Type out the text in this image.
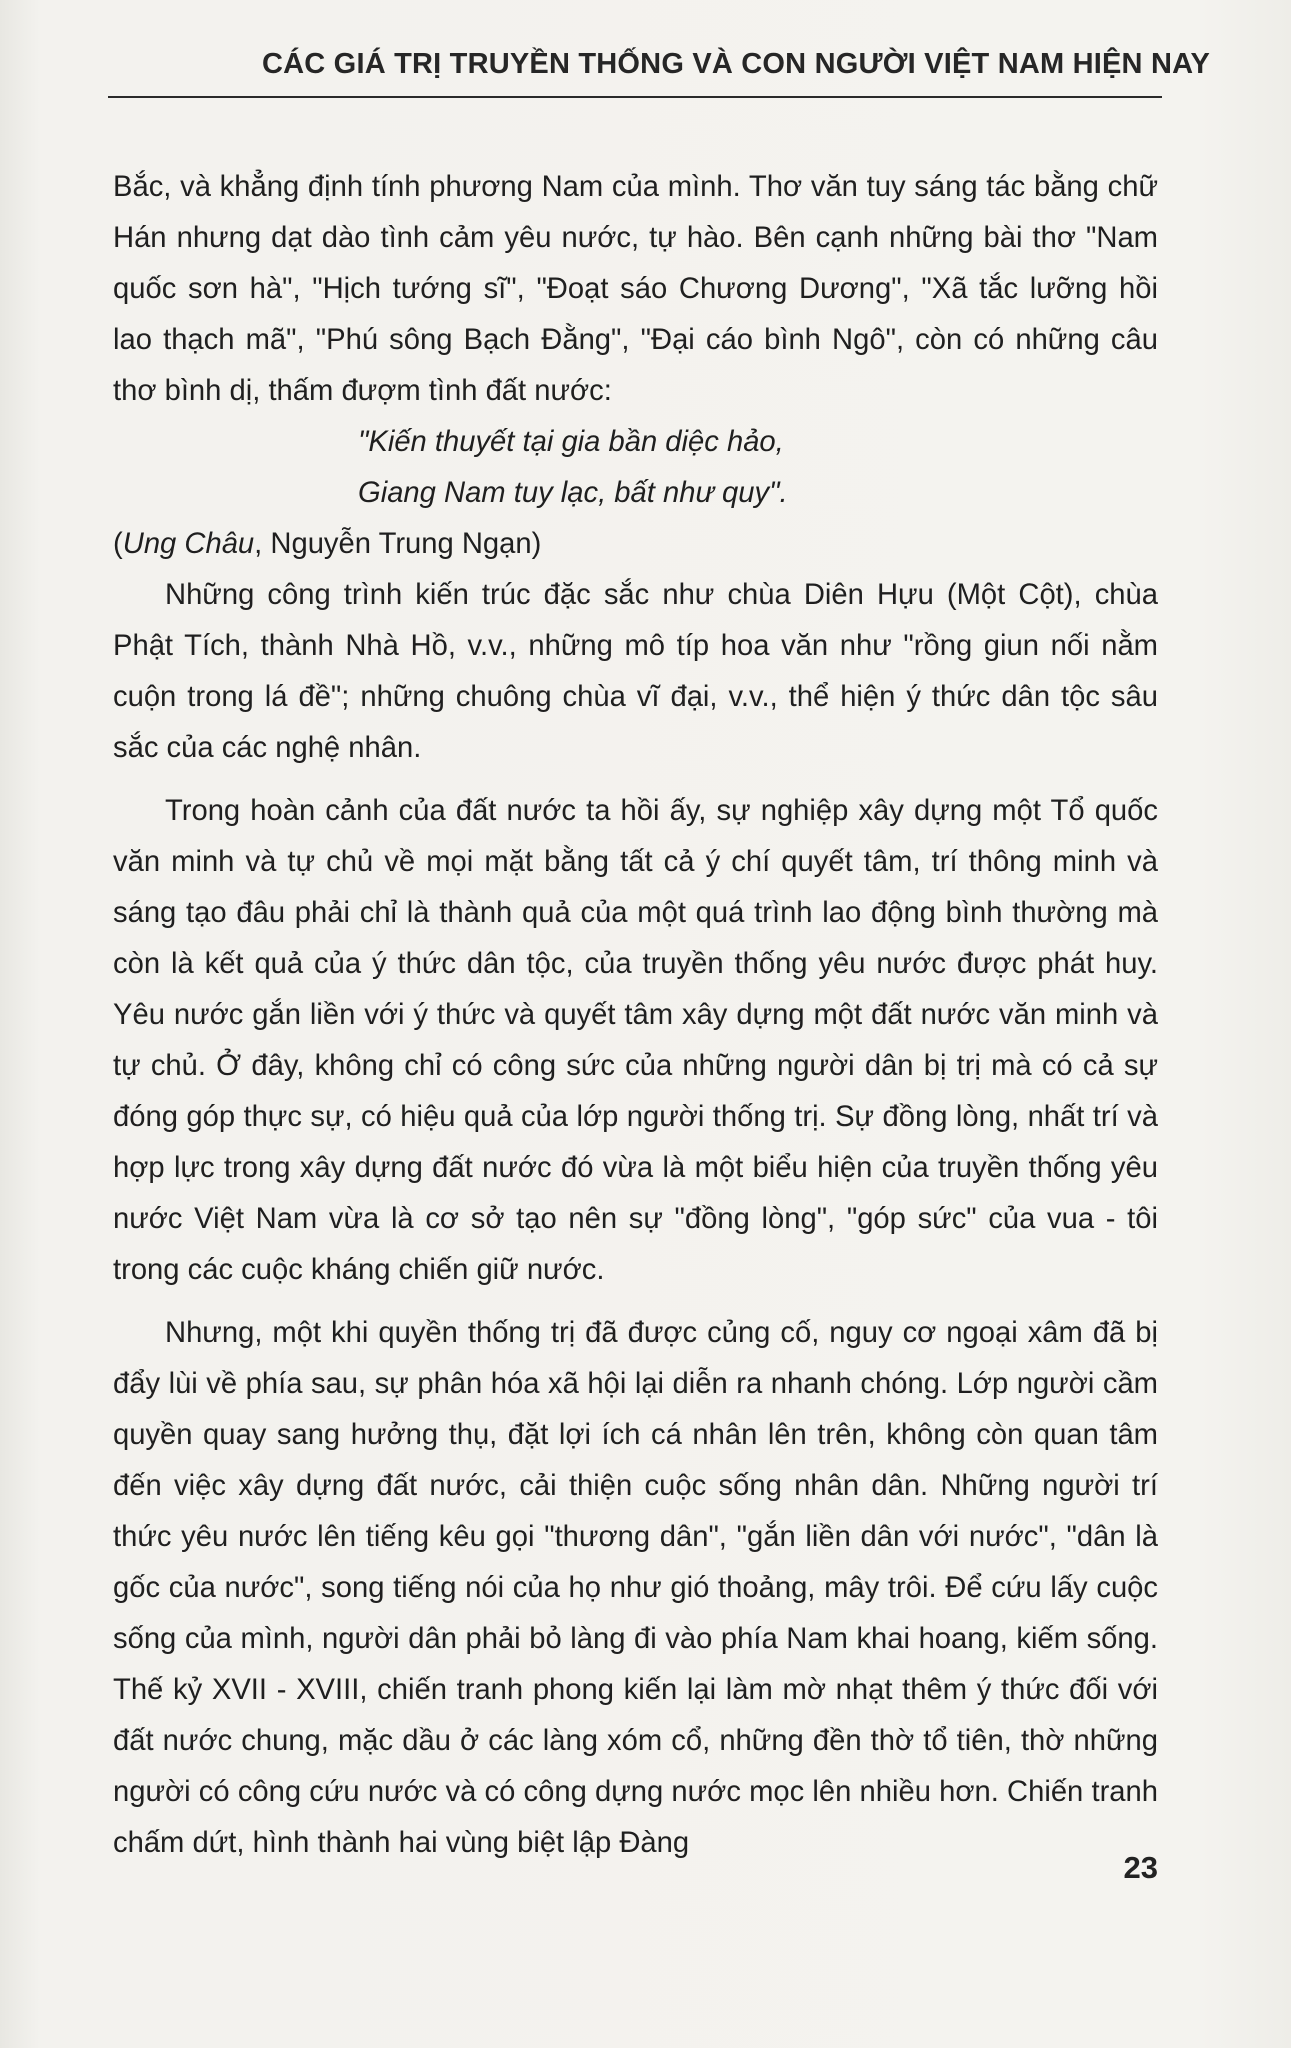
CÁC GIÁ TRỊ TRUYỀN THỐNG VÀ CON NGƯỜI VIỆT NAM HIỆN NAY

Bắc, và khẳng định tính phương Nam của mình. Thơ văn tuy sáng tác bằng chữ Hán nhưng dạt dào tình cảm yêu nước, tự hào. Bên cạnh những bài thơ "Nam quốc sơn hà", "Hịch tướng sĩ", "Đoạt sáo Chương Dương", "Xã tắc lưỡng hồi lao thạch mã", "Phú sông Bạch Đằng", "Đại cáo bình Ngô", còn có những câu thơ bình dị, thấm đượm tình đất nước:

"Kiến thuyết tại gia bần diệc hảo,
Giang Nam tuy lạc, bất như quy".

(Ung Châu, Nguyễn Trung Ngạn)

Những công trình kiến trúc đặc sắc như chùa Diên Hựu (Một Cột), chùa Phật Tích, thành Nhà Hồ, v.v., những mô típ hoa văn như "rồng giun nối nằm cuộn trong lá đề"; những chuông chùa vĩ đại, v.v., thể hiện ý thức dân tộc sâu sắc của các nghệ nhân.

Trong hoàn cảnh của đất nước ta hồi ấy, sự nghiệp xây dựng một Tổ quốc văn minh và tự chủ về mọi mặt bằng tất cả ý chí quyết tâm, trí thông minh và sáng tạo đâu phải chỉ là thành quả của một quá trình lao động bình thường mà còn là kết quả của ý thức dân tộc, của truyền thống yêu nước được phát huy. Yêu nước gắn liền với ý thức và quyết tâm xây dựng một đất nước văn minh và tự chủ. Ở đây, không chỉ có công sức của những người dân bị trị mà có cả sự đóng góp thực sự, có hiệu quả của lớp người thống trị. Sự đồng lòng, nhất trí và hợp lực trong xây dựng đất nước đó vừa là một biểu hiện của truyền thống yêu nước Việt Nam vừa là cơ sở tạo nên sự "đồng lòng", "góp sức" của vua - tôi trong các cuộc kháng chiến giữ nước.

Nhưng, một khi quyền thống trị đã được củng cố, nguy cơ ngoại xâm đã bị đẩy lùi về phía sau, sự phân hóa xã hội lại diễn ra nhanh chóng. Lớp người cầm quyền quay sang hưởng thụ, đặt lợi ích cá nhân lên trên, không còn quan tâm đến việc xây dựng đất nước, cải thiện cuộc sống nhân dân. Những người trí thức yêu nước lên tiếng kêu gọi "thương dân", "gắn liền dân với nước", "dân là gốc của nước", song tiếng nói của họ như gió thoảng, mây trôi. Để cứu lấy cuộc sống của mình, người dân phải bỏ làng đi vào phía Nam khai hoang, kiếm sống. Thế kỷ XVII - XVIII, chiến tranh phong kiến lại làm mờ nhạt thêm ý thức đối với đất nước chung, mặc dầu ở các làng xóm cổ, những đền thờ tổ tiên, thờ những người có công cứu nước và có công dựng nước mọc lên nhiều hơn. Chiến tranh chấm dứt, hình thành hai vùng biệt lập Đàng

23
